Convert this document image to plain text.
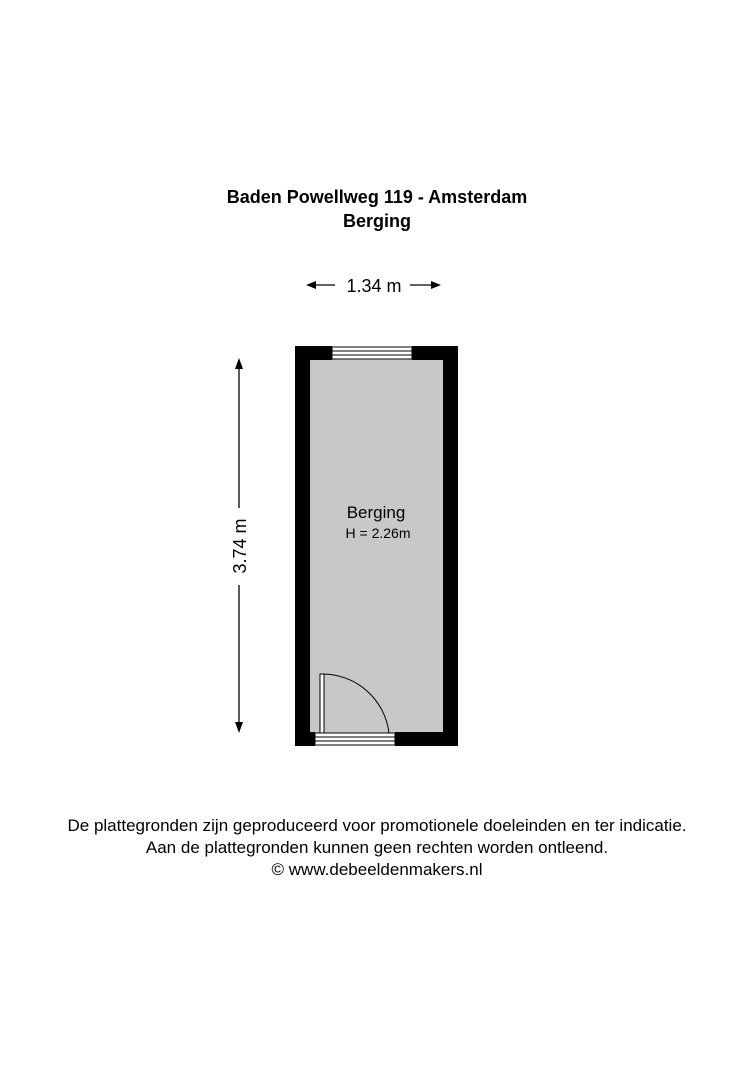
Baden Powellweg 119 - Amsterdam
Berging
1.34 m
3.74 m
Berging
H = 2.26m
De plattegronden zijn geproduceerd voor promotionele doeleinden en ter indicatie.
Aan de plattegronden kunnen geen rechten worden ontleend.
© www.debeeldenmakers.nl
